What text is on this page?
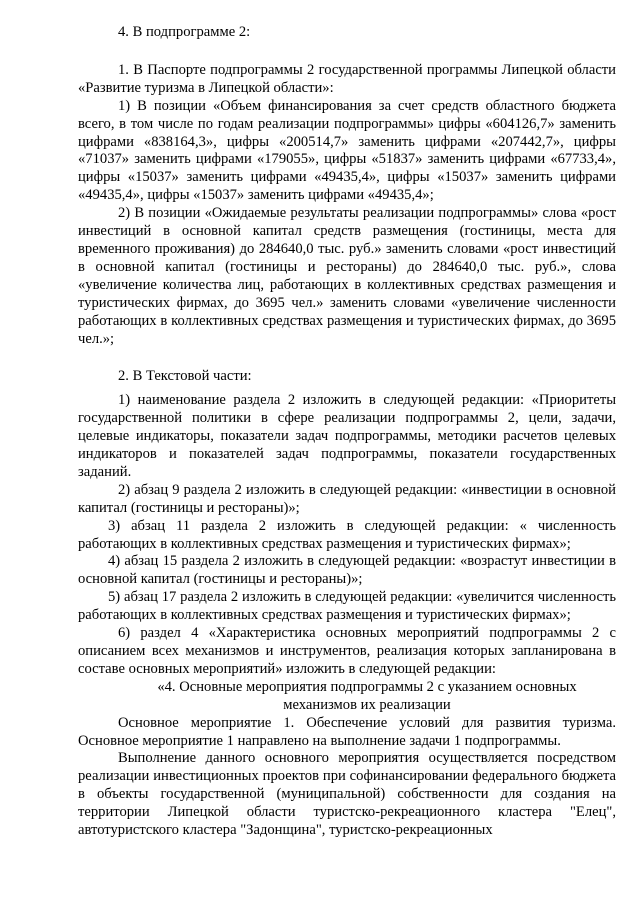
4. В подпрограмме 2:

1. В Паспорте подпрограммы 2 государственной программы Липецкой области «Развитие туризма в Липецкой области»:

1) В позиции «Объем финансирования за счет средств областного бюджета всего, в том числе по годам реализации подпрограммы» цифры «604126,7» заменить цифрами «838164,3», цифры «200514,7» заменить цифрами «207442,7», цифры «71037» заменить цифрами «179055», цифры «51837» заменить цифрами «67733,4», цифры «15037» заменить цифрами «49435,4», цифры «15037» заменить цифрами «49435,4», цифры «15037» заменить цифрами «49435,4»;

2) В позиции «Ожидаемые результаты реализации подпрограммы» слова «рост инвестиций в основной капитал средств размещения (гостиницы, места для временного проживания) до 284640,0 тыс. руб.» заменить словами «рост инвестиций в основной капитал (гостиницы и рестораны) до 284640,0 тыс. руб.», слова «увеличение количества лиц, работающих в коллективных средствах размещения и туристических фирмах, до 3695 чел.» заменить словами «увеличение численности работающих в коллективных средствах размещения и туристических фирмах, до 3695 чел.»;

2. В Текстовой части:

1) наименование раздела 2 изложить в следующей редакции: «Приоритеты государственной политики в сфере реализации подпрограммы 2, цели, задачи, целевые индикаторы, показатели задач подпрограммы, методики расчетов целевых индикаторов и показателей задач подпрограммы, показатели государственных заданий.

2) абзац 9 раздела 2 изложить в следующей редакции: «инвестиции в основной капитал (гостиницы и рестораны)»;

3) абзац 11 раздела 2 изложить в следующей редакции: « численность работающих в коллективных средствах размещения и туристических фирмах»;

4) абзац 15 раздела 2 изложить в следующей редакции: «возрастут инвестиции в основной капитал (гостиницы и рестораны)»;

5) абзац 17 раздела 2 изложить в следующей редакции: «увеличится численность работающих в коллективных средствах размещения и туристических фирмах»;

6) раздел 4 «Характеристика основных мероприятий подпрограммы 2 с описанием всех механизмов и инструментов, реализация которых запланирована в составе основных мероприятий» изложить в следующей редакции:

«4. Основные мероприятия подпрограммы 2 с указанием основных

механизмов их реализации

Основное мероприятие 1. Обеспечение условий для развития туризма. Основное мероприятие 1 направлено на выполнение задачи 1 подпрограммы.

Выполнение данного основного мероприятия осуществляется посредством реализации инвестиционных проектов при софинансировании федерального бюджета в объекты государственной (муниципальной) собственности для создания на территории Липецкой области туристско-рекреационного кластера "Елец", автотуристского кластера "Задонщина", туристско-рекреационных
